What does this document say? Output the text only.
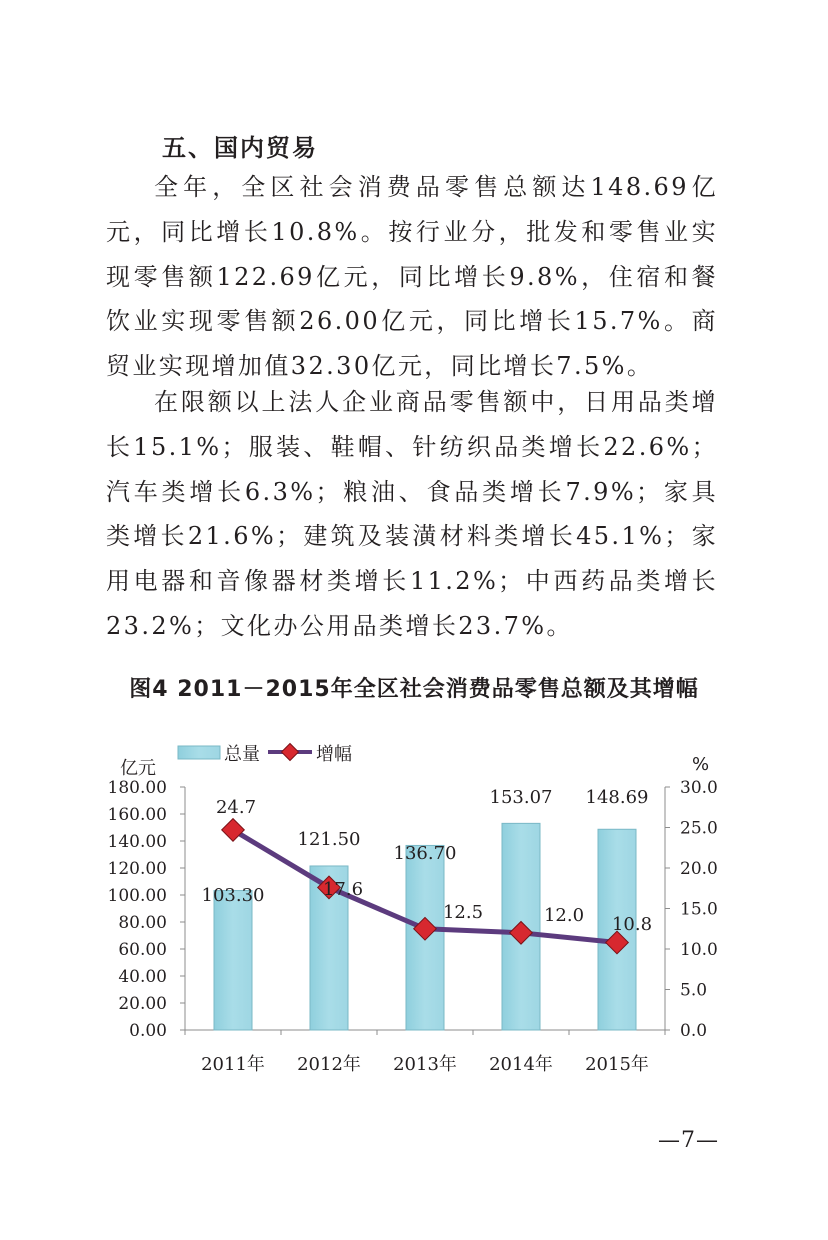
五、国内贸易

全年，全区社会消费品零售总额达148.69亿元，同比增长10.8%。按行业分，批发和零售业实现零售额122.69亿元，同比增长9.8%，住宿和餐饮业实现零售额26.00亿元，同比增长15.7%。商贸业实现增加值32.30亿元，同比增长7.5%。

在限额以上法人企业商品零售额中，日用品类增长15.1%；服装、鞋帽、针纺织品类增长22.6%；汽车类增长6.3%；粮油、食品类增长7.9%；家具类增长21.6%；建筑及装潢材料类增长45.1%；家用电器和音像器材类增长11.2%；中西药品类增长23.2%；文化办公用品类增长23.7%。

图4 2011－2015年全区社会消费品零售总额及其增幅
0.00
20.00
40.00
60.00
80.00
100.00
120.00
140.00
160.00
180.00
0.0
5.0
10.0
15.0
20.0
25.0
30.0
亿元	%
总量	增幅
103.30
121.50
136.70
153.07 148.69
24.7
17.6
12.5	12.0 10.8
2011年 2012年 2013年 2014年 2015年
—7—
